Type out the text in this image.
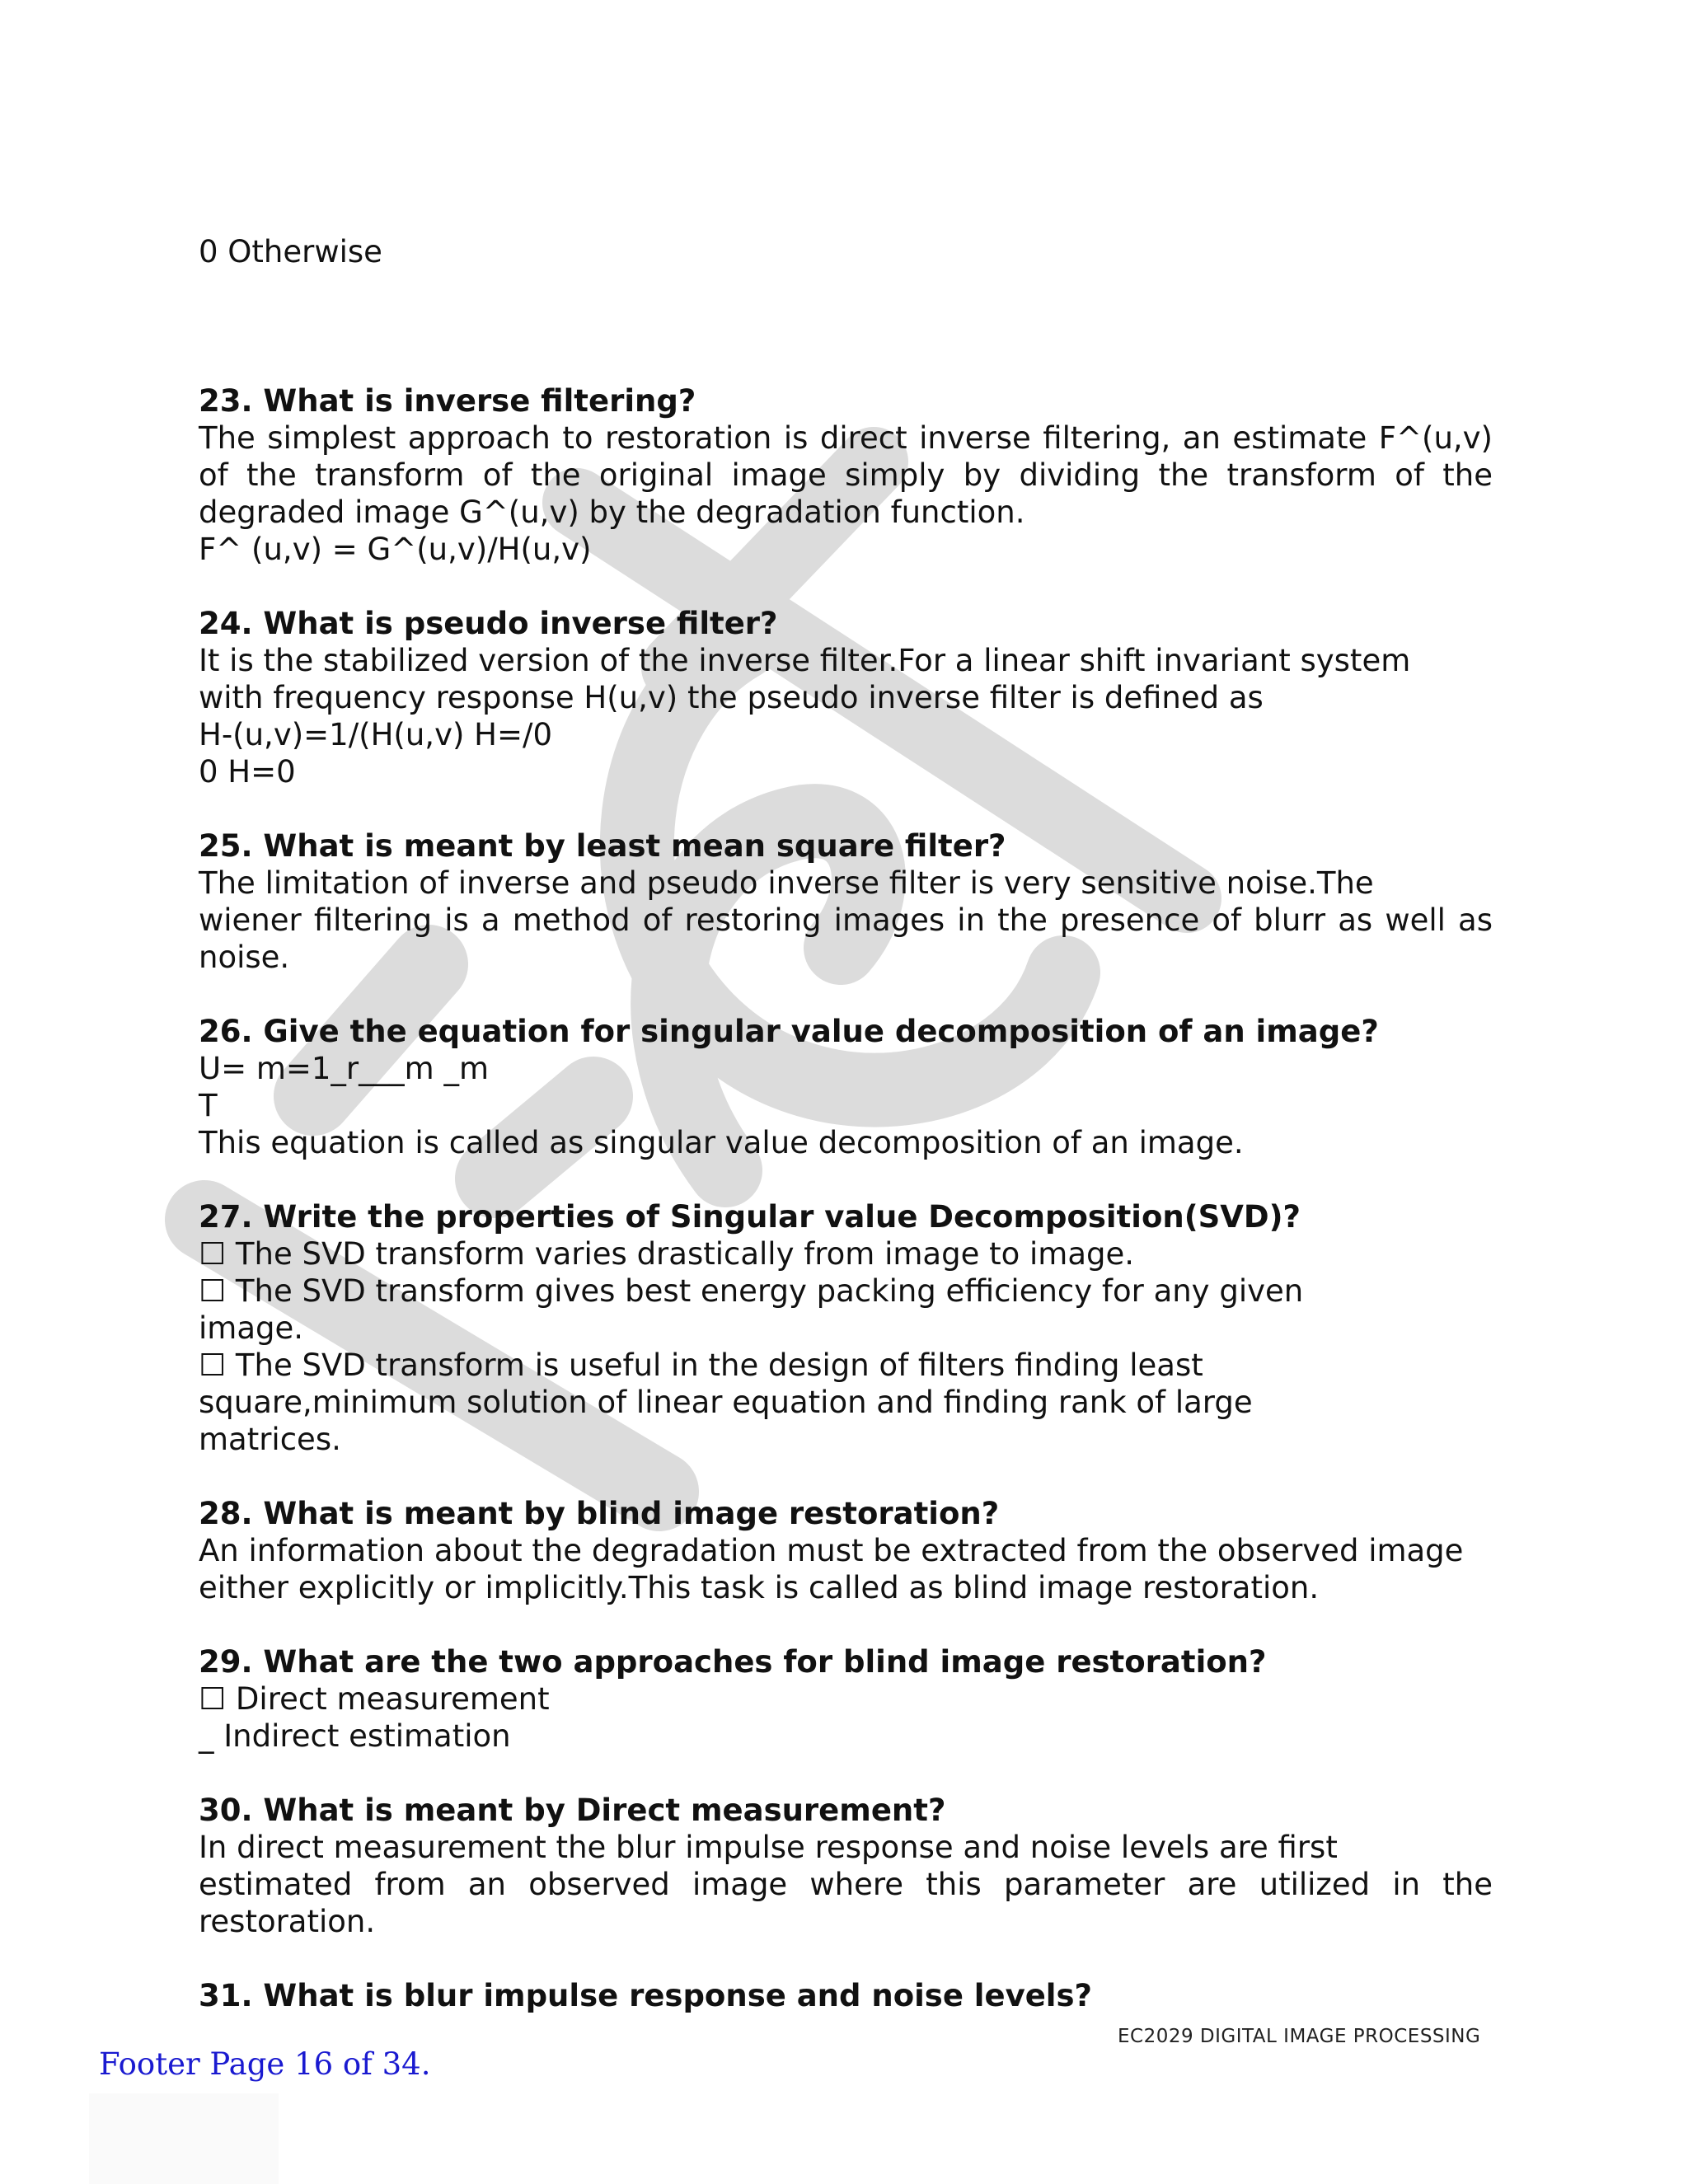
0 Otherwise

23. What is inverse filtering?

The simplest approach to restoration is direct inverse filtering, an estimate F^(u,v)

of the transform of the original image simply by dividing the transform of the

degraded image G^(u,v) by the degradation function.

F^ (u,v) = G^(u,v)/H(u,v)

24. What is pseudo inverse filter?

It is the stabilized version of the inverse filter.For a linear shift invariant system

with frequency response H(u,v) the pseudo inverse filter is defined as

H-(u,v)=1/(H(u,v) H=/0

0 H=0

25. What is meant by least mean square filter?

The limitation of inverse and pseudo inverse filter is very sensitive noise.The

wiener filtering is a method of restoring images in the presence of blurr as well as

noise.

26. Give the equation for singular value decomposition of an image?

U= m=1_r___m _m

T

This equation is called as singular value decomposition of an image.

27. Write the properties of Singular value Decomposition(SVD)?

☐ The SVD transform varies drastically from image to image.

☐ The SVD transform gives best energy packing efficiency for any given

image.

☐ The SVD transform is useful in the design of filters finding least

square,minimum solution of linear equation and finding rank of large

matrices.

28. What is meant by blind image restoration?

An information about the degradation must be extracted from the observed image

either explicitly or implicitly.This task is called as blind image restoration.

29. What are the two approaches for blind image restoration?

☐ Direct measurement

_ Indirect estimation

30. What is meant by Direct measurement?

In direct measurement the blur impulse response and noise levels are first

estimated from an observed image where this parameter are utilized in the

restoration.

31. What is blur impulse response and noise levels?

EC2029 DIGITAL IMAGE PROCESSING
Footer Page 16 of 34.
